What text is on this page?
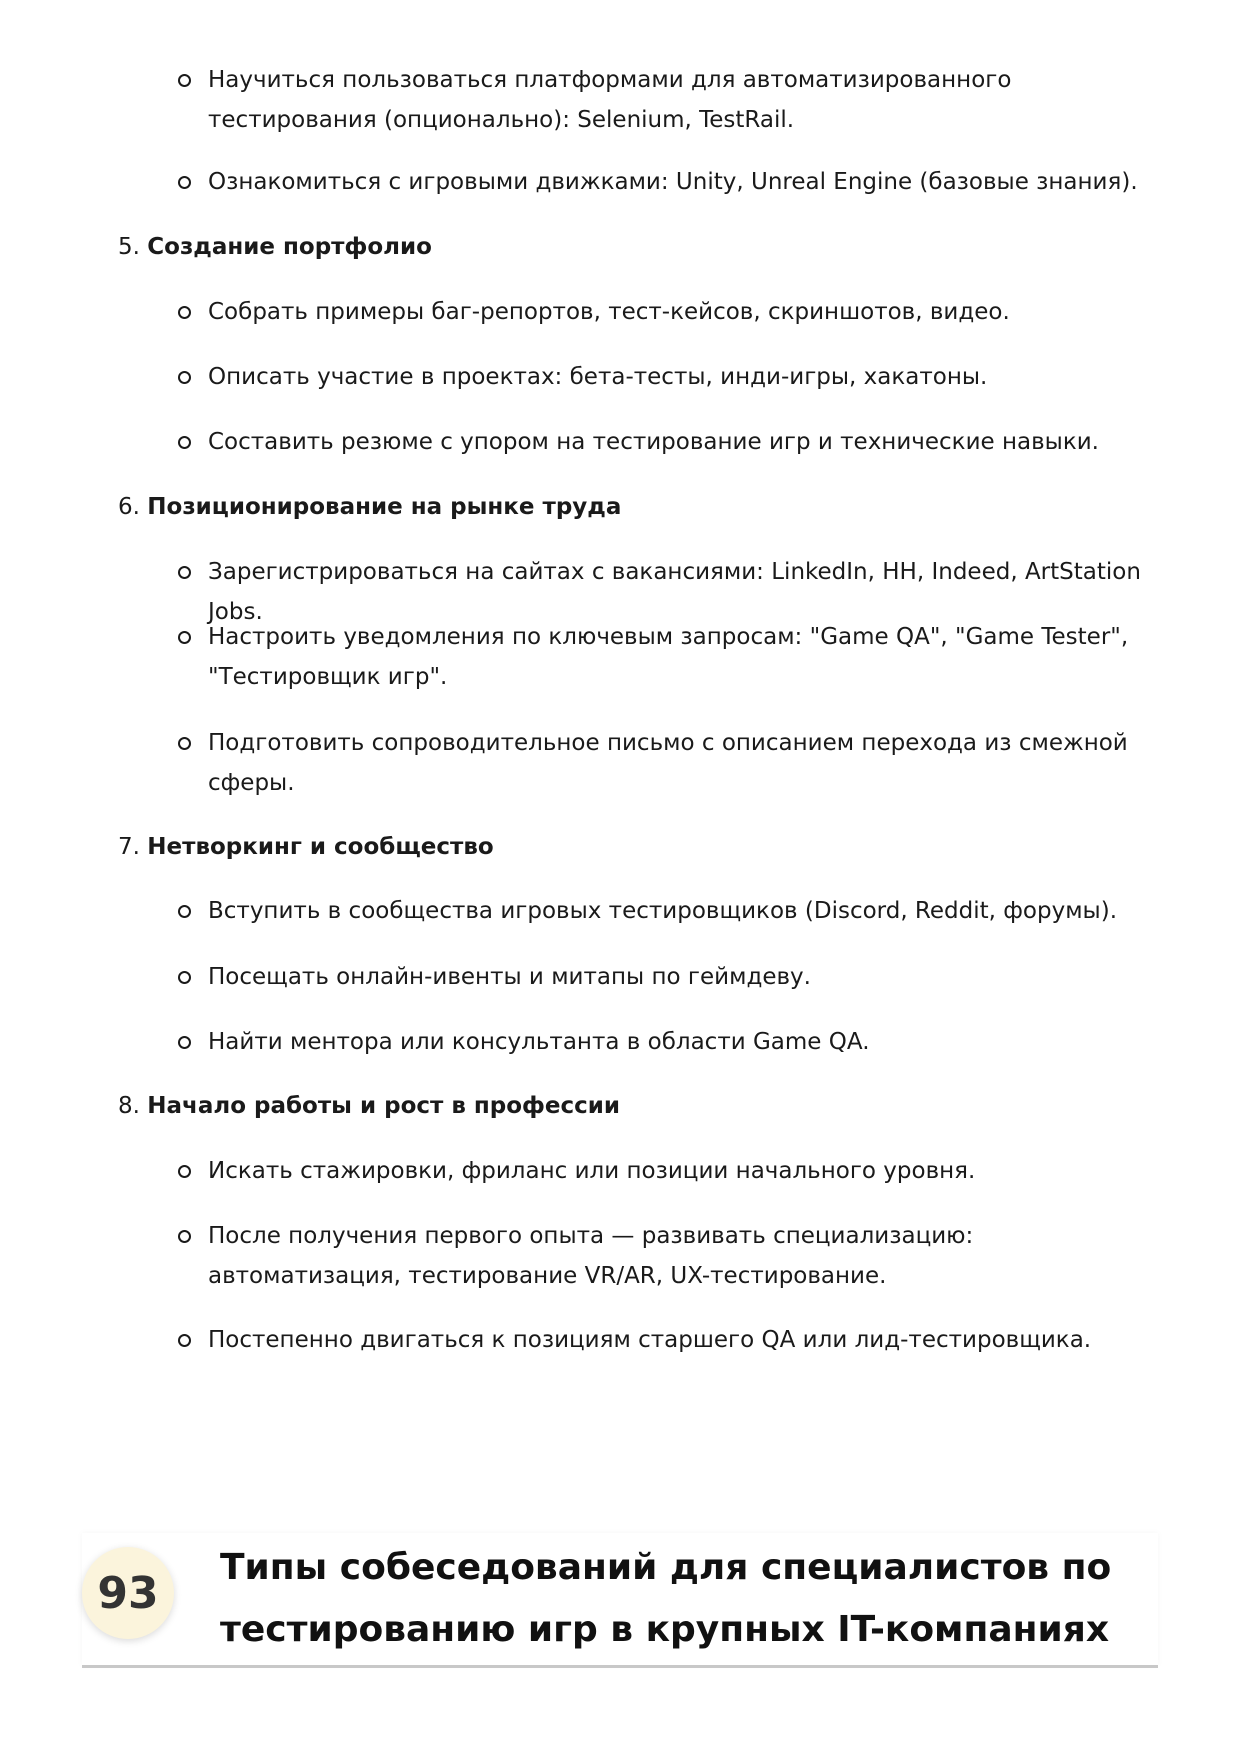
Научиться пользоваться платформами для автоматизированного тестирования (опционально): Selenium, TestRail.
Ознакомиться с игровыми движками: Unity, Unreal Engine (базовые знания).
5. Создание портфолио
Собрать примеры баг-репортов, тест-кейсов, скриншотов, видео.
Описать участие в проектах: бета-тесты, инди-игры, хакатоны.
Составить резюме с упором на тестирование игр и технические навыки.
6. Позиционирование на рынке труда
Зарегистрироваться на сайтах с вакансиями: LinkedIn, HH, Indeed, ArtStation Jobs.
Настроить уведомления по ключевым запросам: "Game QA", "Game Tester", "Тестировщик игр".
Подготовить сопроводительное письмо с описанием перехода из смежной сферы.
7. Нетворкинг и сообщество
Вступить в сообщества игровых тестировщиков (Discord, Reddit, форумы).
Посещать онлайн-ивенты и митапы по геймдеву.
Найти ментора или консультанта в области Game QA.
8. Начало работы и рост в профессии
Искать стажировки, фриланс или позиции начального уровня.
После получения первого опыта — развивать специализацию: автоматизация, тестирование VR/AR, UX-тестирование.
Постепенно двигаться к позициям старшего QA или лид-тестировщика.
93	Типы собеседований для специалистов по
тестированию игр в крупных IT-компаниях
